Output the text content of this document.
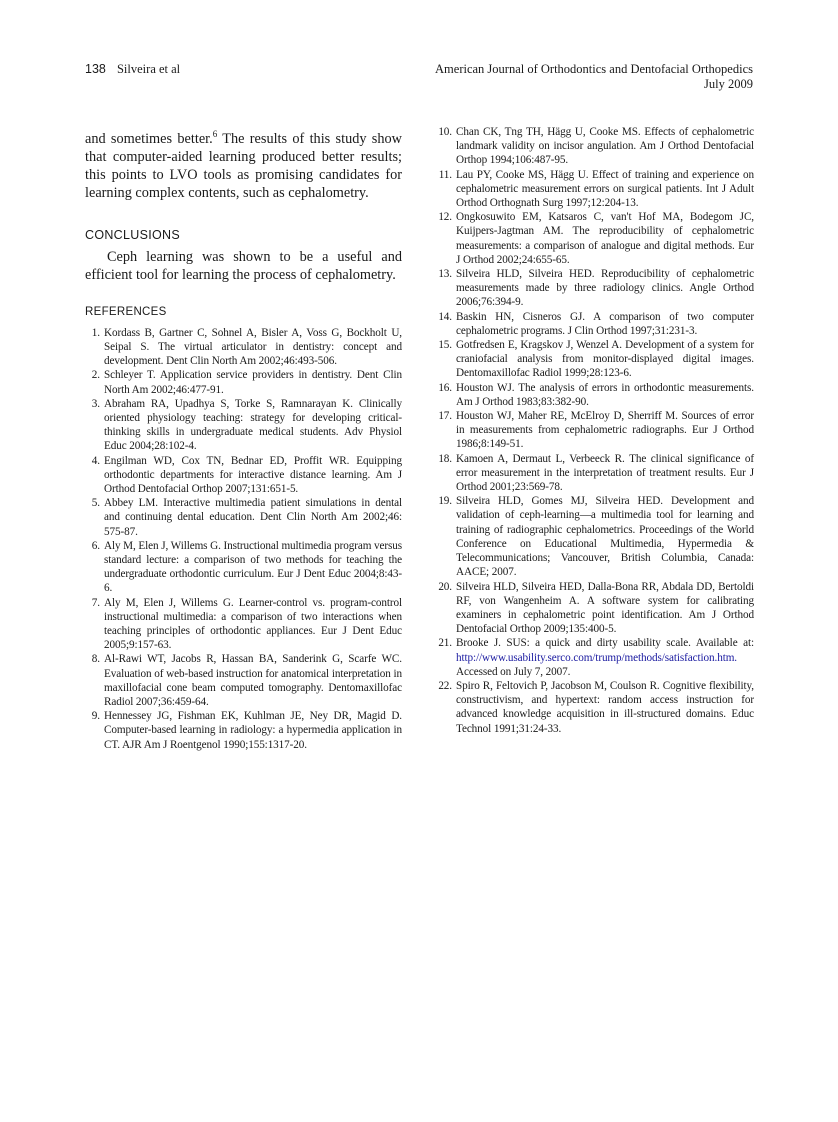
138 Silveira et al	American Journal of Orthodontics and Dentofacial Orthopedics
July 2009

and sometimes better.$^6$ The results of this study show that computer-aided learning produced better results; this points to LVO tools as promising candidates for learning complex contents, such as cephalometry.

CONCLUSIONS

Ceph learning was shown to be a useful and efficient tool for learning the process of cephalometry.

REFERENCES
1. Kordass B, Gartner C, Sohnel A, Bisler A, Voss G, Bockholt U, Seipal S. The virtual articulator in dentistry: concept and development. Dent Clin North Am 2002;46:493-506.
2. Schleyer T. Application service providers in dentistry. Dent Clin North Am 2002;46:477-91.
3. Abraham RA, Upadhya S, Torke S, Ramnarayan K. Clinically oriented physiology teaching: strategy for developing critical-thinking skills in undergraduate medical students. Adv Physiol Educ 2004;28:102-4.
4. Engilman WD, Cox TN, Bednar ED, Proffit WR. Equipping orthodontic departments for interactive distance learning. Am J Orthod Dentofacial Orthop 2007;131:651-5.
5. Abbey LM. Interactive multimedia patient simulations in dental and continuing dental education. Dent Clin North Am 2002;46: 575-87.
6. Aly M, Elen J, Willems G. Instructional multimedia program versus standard lecture: a comparison of two methods for teaching the undergraduate orthodontic curriculum. Eur J Dent Educ 2004;8:43-6.
7. Aly M, Elen J, Willems G. Learner-control vs. program-control instructional multimedia: a comparison of two interactions when teaching principles of orthodontic appliances. Eur J Dent Educ 2005;9:157-63.
8. Al-Rawi WT, Jacobs R, Hassan BA, Sanderink G, Scarfe WC. Evaluation of web-based instruction for anatomical interpretation in maxillofacial cone beam computed tomography. Dentomaxillofac Radiol 2007;36:459-64.
9. Hennessey JG, Fishman EK, Kuhlman JE, Ney DR, Magid D. Computer-based learning in radiology: a hypermedia application in CT. AJR Am J Roentgenol 1990;155:1317-20.
10. Chan CK, Tng TH, Hägg U, Cooke MS. Effects of cephalometric landmark validity on incisor angulation. Am J Orthod Dentofacial Orthop 1994;106:487-95.
11. Lau PY, Cooke MS, Hägg U. Effect of training and experience on cephalometric measurement errors on surgical patients. Int J Adult Orthod Orthognath Surg 1997;12:204-13.
12. Ongkosuwito EM, Katsaros C, van't Hof MA, Bodegom JC, Kuijpers-Jagtman AM. The reproducibility of cephalometric measurements: a comparison of analogue and digital methods. Eur J Orthod 2002;24:655-65.
13. Silveira HLD, Silveira HED. Reproducibility of cephalometric measurements made by three radiology clinics. Angle Orthod 2006;76:394-9.
14. Baskin HN, Cisneros GJ. A comparison of two computer cephalometric programs. J Clin Orthod 1997;31:231-3.
15. Gotfredsen E, Kragskov J, Wenzel A. Development of a system for craniofacial analysis from monitor-displayed digital images. Dentomaxillofac Radiol 1999;28:123-6.
16. Houston WJ. The analysis of errors in orthodontic measurements. Am J Orthod 1983;83:382-90.
17. Houston WJ, Maher RE, McElroy D, Sherriff M. Sources of error in measurements from cephalometric radiographs. Eur J Orthod 1986;8:149-51.
18. Kamoen A, Dermaut L, Verbeeck R. The clinical significance of error measurement in the interpretation of treatment results. Eur J Orthod 2001;23:569-78.
19. Silveira HLD, Gomes MJ, Silveira HED. Development and validation of ceph-learning—a multimedia tool for learning and training of radiographic cephalometrics. Proceedings of the World Conference on Educational Multimedia, Hypermedia & Telecommunications; Vancouver, British Columbia, Canada: AACE; 2007.
20. Silveira HLD, Silveira HED, Dalla-Bona RR, Abdala DD, Bertoldi RF, von Wangenheim A. A software system for calibrating examiners in cephalometric point identification. Am J Orthod Dentofacial Orthop 2009;135:400-5.
21. Brooke J. SUS: a quick and dirty usability scale. Available at: http://www.usability.serco.com/trump/methods/satisfaction.htm. Accessed on July 7, 2007.
22. Spiro R, Feltovich P, Jacobson M, Coulson R. Cognitive flexibility, constructivism, and hypertext: random access instruction for advanced knowledge acquisition in ill-structured domains. Educ Technol 1991;31:24-33.
